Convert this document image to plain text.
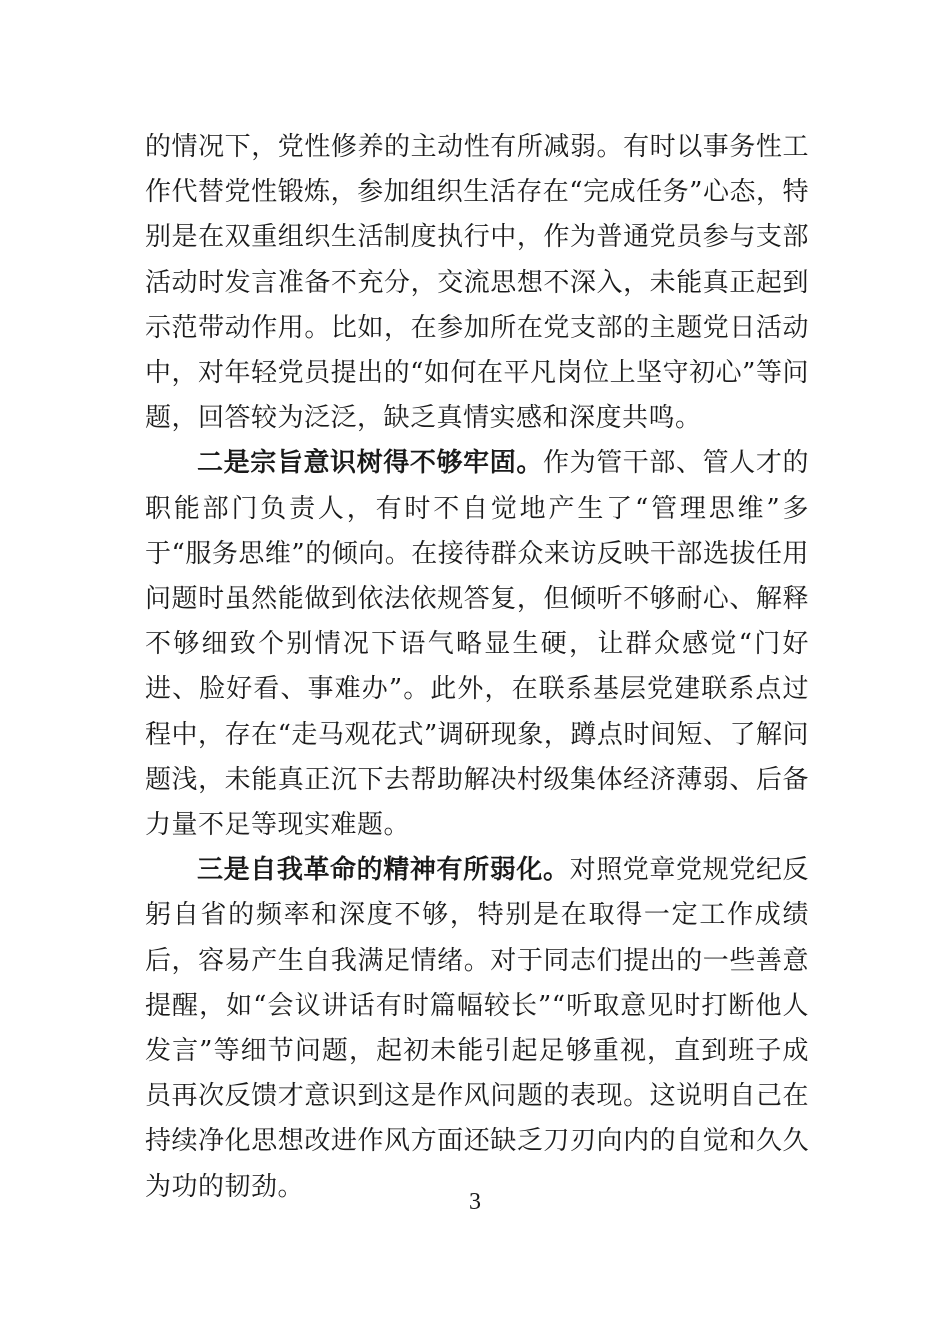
的情况下，党性修养的主动性有所减弱。有时以事务性工作代替党性锻炼，参加组织生活存在“完成任务”心态，特别是在双重组织生活制度执行中，作为普通党员参与支部活动时发言准备不充分，交流思想不深入，未能真正起到示范带动作用。比如，在参加所在党支部的主题党日活动中，对年轻党员提出的“如何在平凡岗位上坚守初心”等问题，回答较为泛泛，缺乏真情实感和深度共鸣。

二是宗旨意识树得不够牢固。作为管干部、管人才的职能部门负责人，有时不自觉地产生了“管理思维”多于“服务思维”的倾向。在接待群众来访反映干部选拔任用问题时虽然能做到依法依规答复，但倾听不够耐心、解释不够细致个别情况下语气略显生硬，让群众感觉“门好进、脸好看、事难办”。此外，在联系基层党建联系点过程中，存在“走马观花式”调研现象，蹲点时间短、了解问题浅，未能真正沉下去帮助解决村级集体经济薄弱、后备力量不足等现实难题。

三是自我革命的精神有所弱化。对照党章党规党纪反躬自省的频率和深度不够，特别是在取得一定工作成绩后，容易产生自我满足情绪。对于同志们提出的一些善意提醒，如“会议讲话有时篇幅较长”“听取意见时打断他人发言”等细节问题，起初未能引起足够重视，直到班子成员再次反馈才意识到这是作风问题的表现。这说明自己在持续净化思想改进作风方面还缺乏刀刃向内的自觉和久久为功的韧劲。

3
